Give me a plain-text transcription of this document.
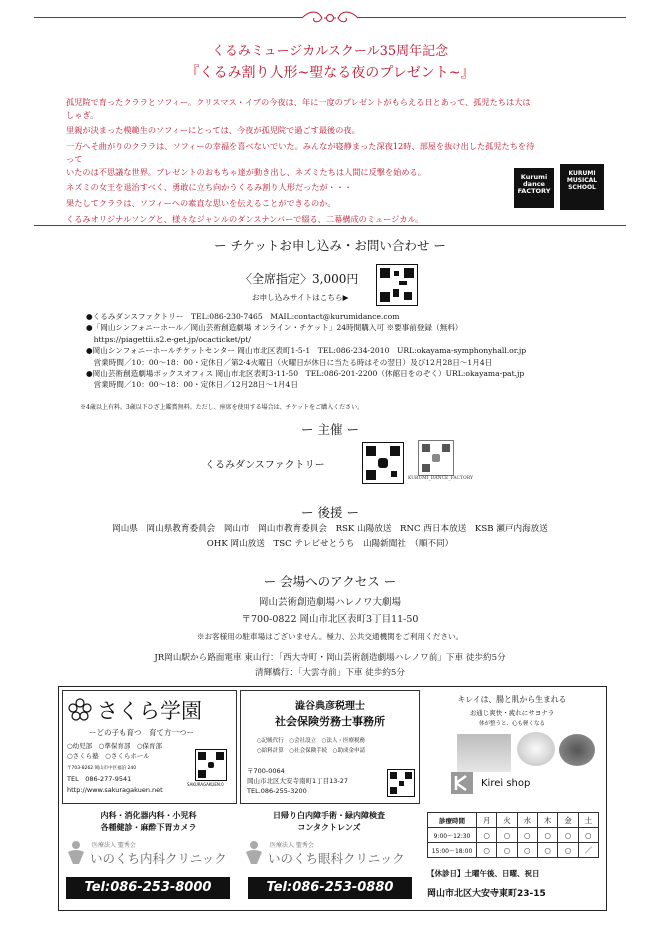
くるみミュージカルスクール35周年記念
『くるみ割り人形~聖なる夜のプレゼント~』

孤児院で育ったクララとソフィー。クリスマス・イブの今夜は、年に一度のプレゼントがもらえる日とあって、孤児たちは大はしゃぎ。

里親が決まった模範生のソフィーにとっては、今夜が孤児院で過ごす最後の夜。

一方へそ曲がりのクララは、ソフィーの幸福を喜べないでいた。みんなが寝静まった深夜12時、部屋を抜け出した孤児たちを待って

いたのは不思議な世界。プレゼントのおもちゃ達が動き出し、ネズミたちは人間に反撃を始める。

ネズミの女王を退治すべく、勇敢に立ち向かうくるみ割り人形だったが・・・

果たしてクララは、ソフィーへの素直な思いを伝えることができるのか。

くるみオリジナルソングと、様々なジャンルのダンスナンバーで綴る、二幕構成のミュージカル。

Kurumi dance FACTORY
KURUMI MUSICAL SCHOOL
ー チケットお申し込み・お問い合わせ ー
〈全席指定〉3,000円
お申し込みサイトはこちら▶
●くるみダンスファクトリー　TEL:086-230-7465　MAIL:contact@kurumidance.com
●「岡山シンフォニーホール／岡山芸術創造劇場 オンライン・チケット」24時間購入可 ※要事前登録（無料）
　https://piagettii.s2.e-get.jp/ocacticket/pt/
●岡山シンフォニーホールチケットセンター 岡山市北区表町1-5-1　TEL:086-234-2010　URL:okayama-symphonyhall.or.jp
　営業時間／10：00～18：00・定休日／第2·4火曜日（火曜日が休日に当たる時はその翌日）及び12月28日～1月4日
●岡山芸術創造劇場ボックスオフィス 岡山市北区表町3-11-50　TEL:086-201-2200（休館日をのぞく）URL:okayama-pat.jp
　営業時間／10：00～18：00・定休日／12月28日～1月4日
※4歳以上有料。3歳以下ひざ上鑑賞無料。ただし、座席を使用する場合は、チケットをご購入ください。
ー 主催 ー
くるみダンスファクトリー
KURUMI_DANCE_FACTORY
ー 後援 ー
岡山県　岡山県教育委員会　岡山市　岡山市教育委員会　RSK 山陽放送　RNC 西日本放送　KSB 瀬戸内海放送
OHK 岡山放送　TSC テレビせとうち　山陽新聞社　（順不同）
ー 会場へのアクセス ー
岡山芸術創造劇場ハレノワ大劇場
〒700-0822 岡山市北区表町3丁目11-50
※お客様用の駐車場はございません。極力、公共交通機関をご利用ください。
JR岡山駅から路面電車 東山行：「西大寺町・岡山芸術創造劇場ハレノワ前」下車 徒歩約5分
清輝橋行：「大雲寺前」下車 徒歩約5分
さくら学園
ーどの子も育つ　育て方一つー
○幼児部　 ○準保育部　 ○保育部
○さくら塾　 ○さくらホール
〒703-8262 岡山市中区福泊 240
TEL　086-277-9541
http://www.sakuragakuen.net
SAKURAGAKUEN.0
澁谷典彦税理士
社会保険労務士事務所
○記帳代行　 ○会社設立　 ○法人・医療税務
○給料計算　 ○社会保険手続　 ○助成金申請
〒700-0064
岡山市北区大安寺南町1丁目13-27
TEL.086-255-3200
キレイは、腸と肌から生まれる
お通じ爽快・疲れにサヨナラ
体が整うと、心も軽くなる
Kirei shop
内科・消化器内科・小児科
各種健診・麻酔下胃カメラ
医療法人 聖秀会
いのくち内科クリニック
Tel:086-253-8000
日帰り白内障手術・緑内障検査
コンタクトレンズ
医療法人 聖秀会
いのくち眼科クリニック
Tel:086-253-0880
診療時間	月	火	水	木	金	土
9:00〜12:30	○	○	○	○	○	○
15:00〜18:00	○	○	○	○	○	／
【休診日】土曜午後、日曜、祝日
岡山市北区大安寺東町23-15
